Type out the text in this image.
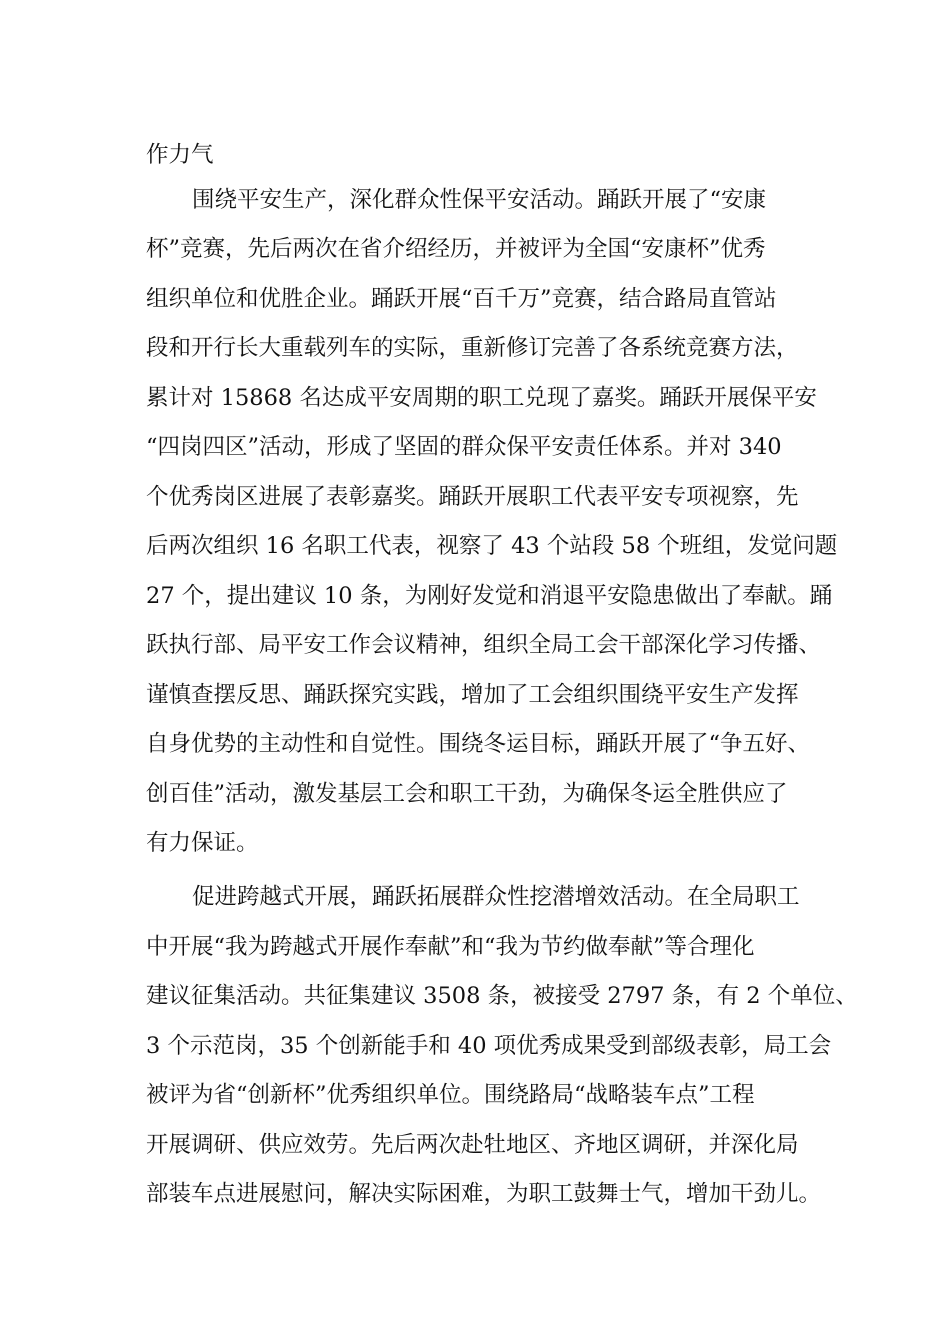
作力气
围绕平安生产，深化群众性保平安活动。踊跃开展了“安康
杯”竞赛，先后两次在省介绍经历，并被评为全国“安康杯”优秀
组织单位和优胜企业。踊跃开展“百千万”竞赛，结合路局直管站
段和开行长大重载列车的实际，重新修订完善了各系统竞赛方法，
累计对 15868 名达成平安周期的职工兑现了嘉奖。踊跃开展保平安
“四岗四区”活动，形成了坚固的群众保平安责任体系。并对 340
个优秀岗区进展了表彰嘉奖。踊跃开展职工代表平安专项视察，先
后两次组织 16 名职工代表，视察了 43 个站段 58 个班组，发觉问题
27 个，提出建议 10 条，为刚好发觉和消退平安隐患做出了奉献。踊
跃执行部、局平安工作会议精神，组织全局工会干部深化学习传播、
谨慎查摆反思、踊跃探究实践，增加了工会组织围绕平安生产发挥
自身优势的主动性和自觉性。围绕冬运目标，踊跃开展了“争五好、
创百佳”活动，激发基层工会和职工干劲，为确保冬运全胜供应了
有力保证。
促进跨越式开展，踊跃拓展群众性挖潜增效活动。在全局职工
中开展“我为跨越式开展作奉献”和“我为节约做奉献”等合理化
建议征集活动。共征集建议 3508 条，被接受 2797 条，有 2 个单位、
3 个示范岗，35 个创新能手和 40 项优秀成果受到部级表彰，局工会
被评为省“创新杯”优秀组织单位。围绕路局“战略装车点”工程
开展调研、供应效劳。先后两次赴牡地区、齐地区调研，并深化局
部装车点进展慰问，解决实际困难，为职工鼓舞士气，增加干劲儿。
